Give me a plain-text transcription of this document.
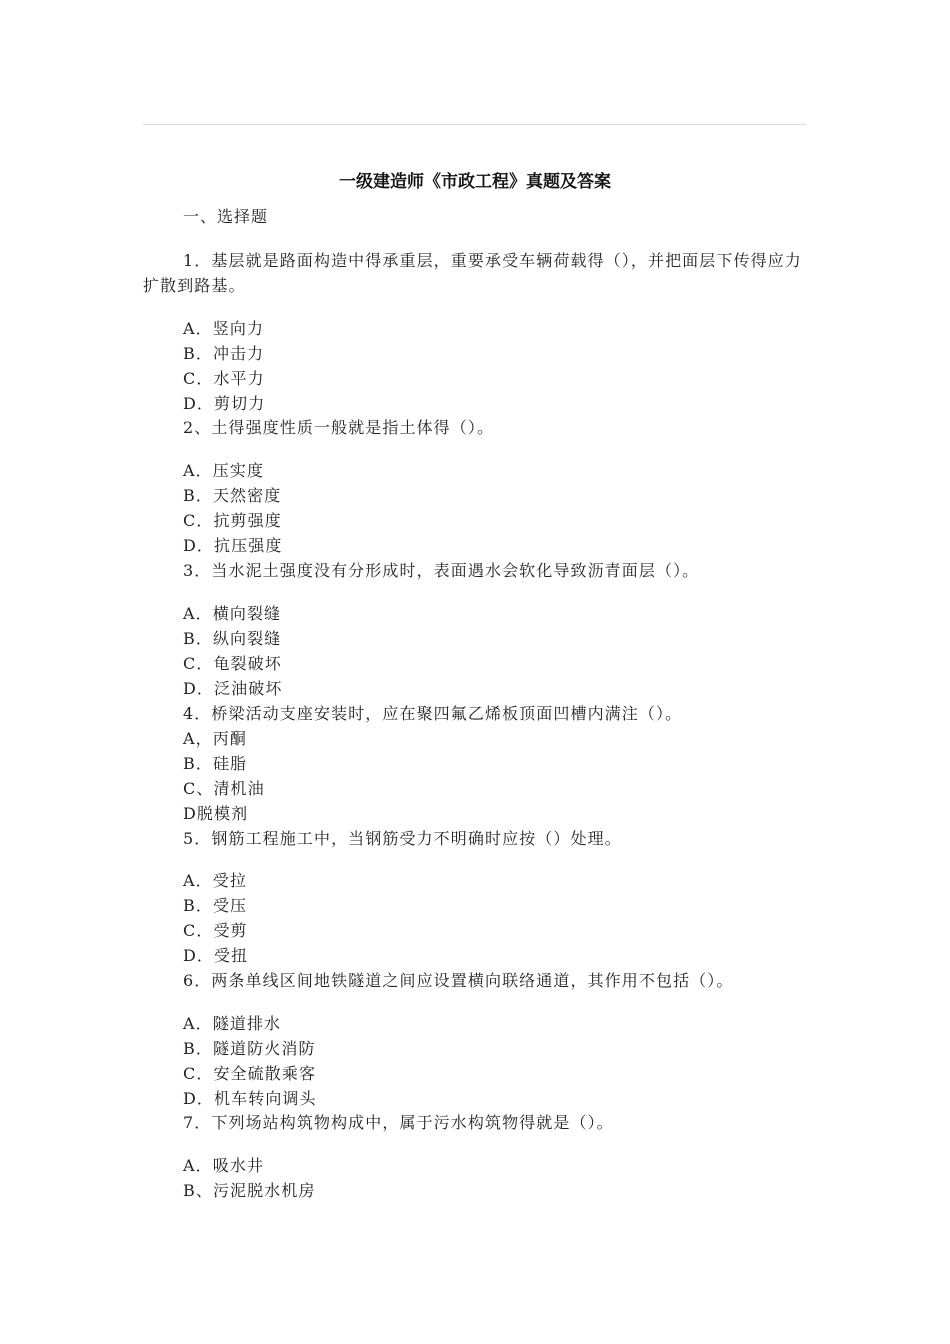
一级建造师《市政工程》真题及答案
一、选择题
1．基层就是路面构造中得承重层，重要承受车辆荷载得（），并把面层下传得应力扩散到路基。
A．竖向力
B．冲击力
C．水平力
D．剪切力
2、土得强度性质一般就是指土体得（）。
A．压实度
B．天然密度
C．抗剪强度
D．抗压强度
3．当水泥土强度没有分形成时，表面遇水会软化导致沥青面层（）。
A．横向裂缝
B．纵向裂缝
C．龟裂破坏
D．泛油破坏
4．桥梁活动支座安装时，应在聚四氟乙烯板顶面凹槽内满注（）。
A，丙酮
B．硅脂
C、清机油
D脱模剂
5．钢筋工程施工中，当钢筋受力不明确时应按（）处理。
A．受拉
B．受压
C．受剪
D．受扭
6．两条单线区间地铁隧道之间应设置横向联络通道，其作用不包括（）。
A．隧道排水
B．隧道防火消防
C．安全硫散乘客
D．机车转向调头
7．下列场站构筑物构成中，属于污水构筑物得就是（）。
A．吸水井
B、污泥脱水机房
